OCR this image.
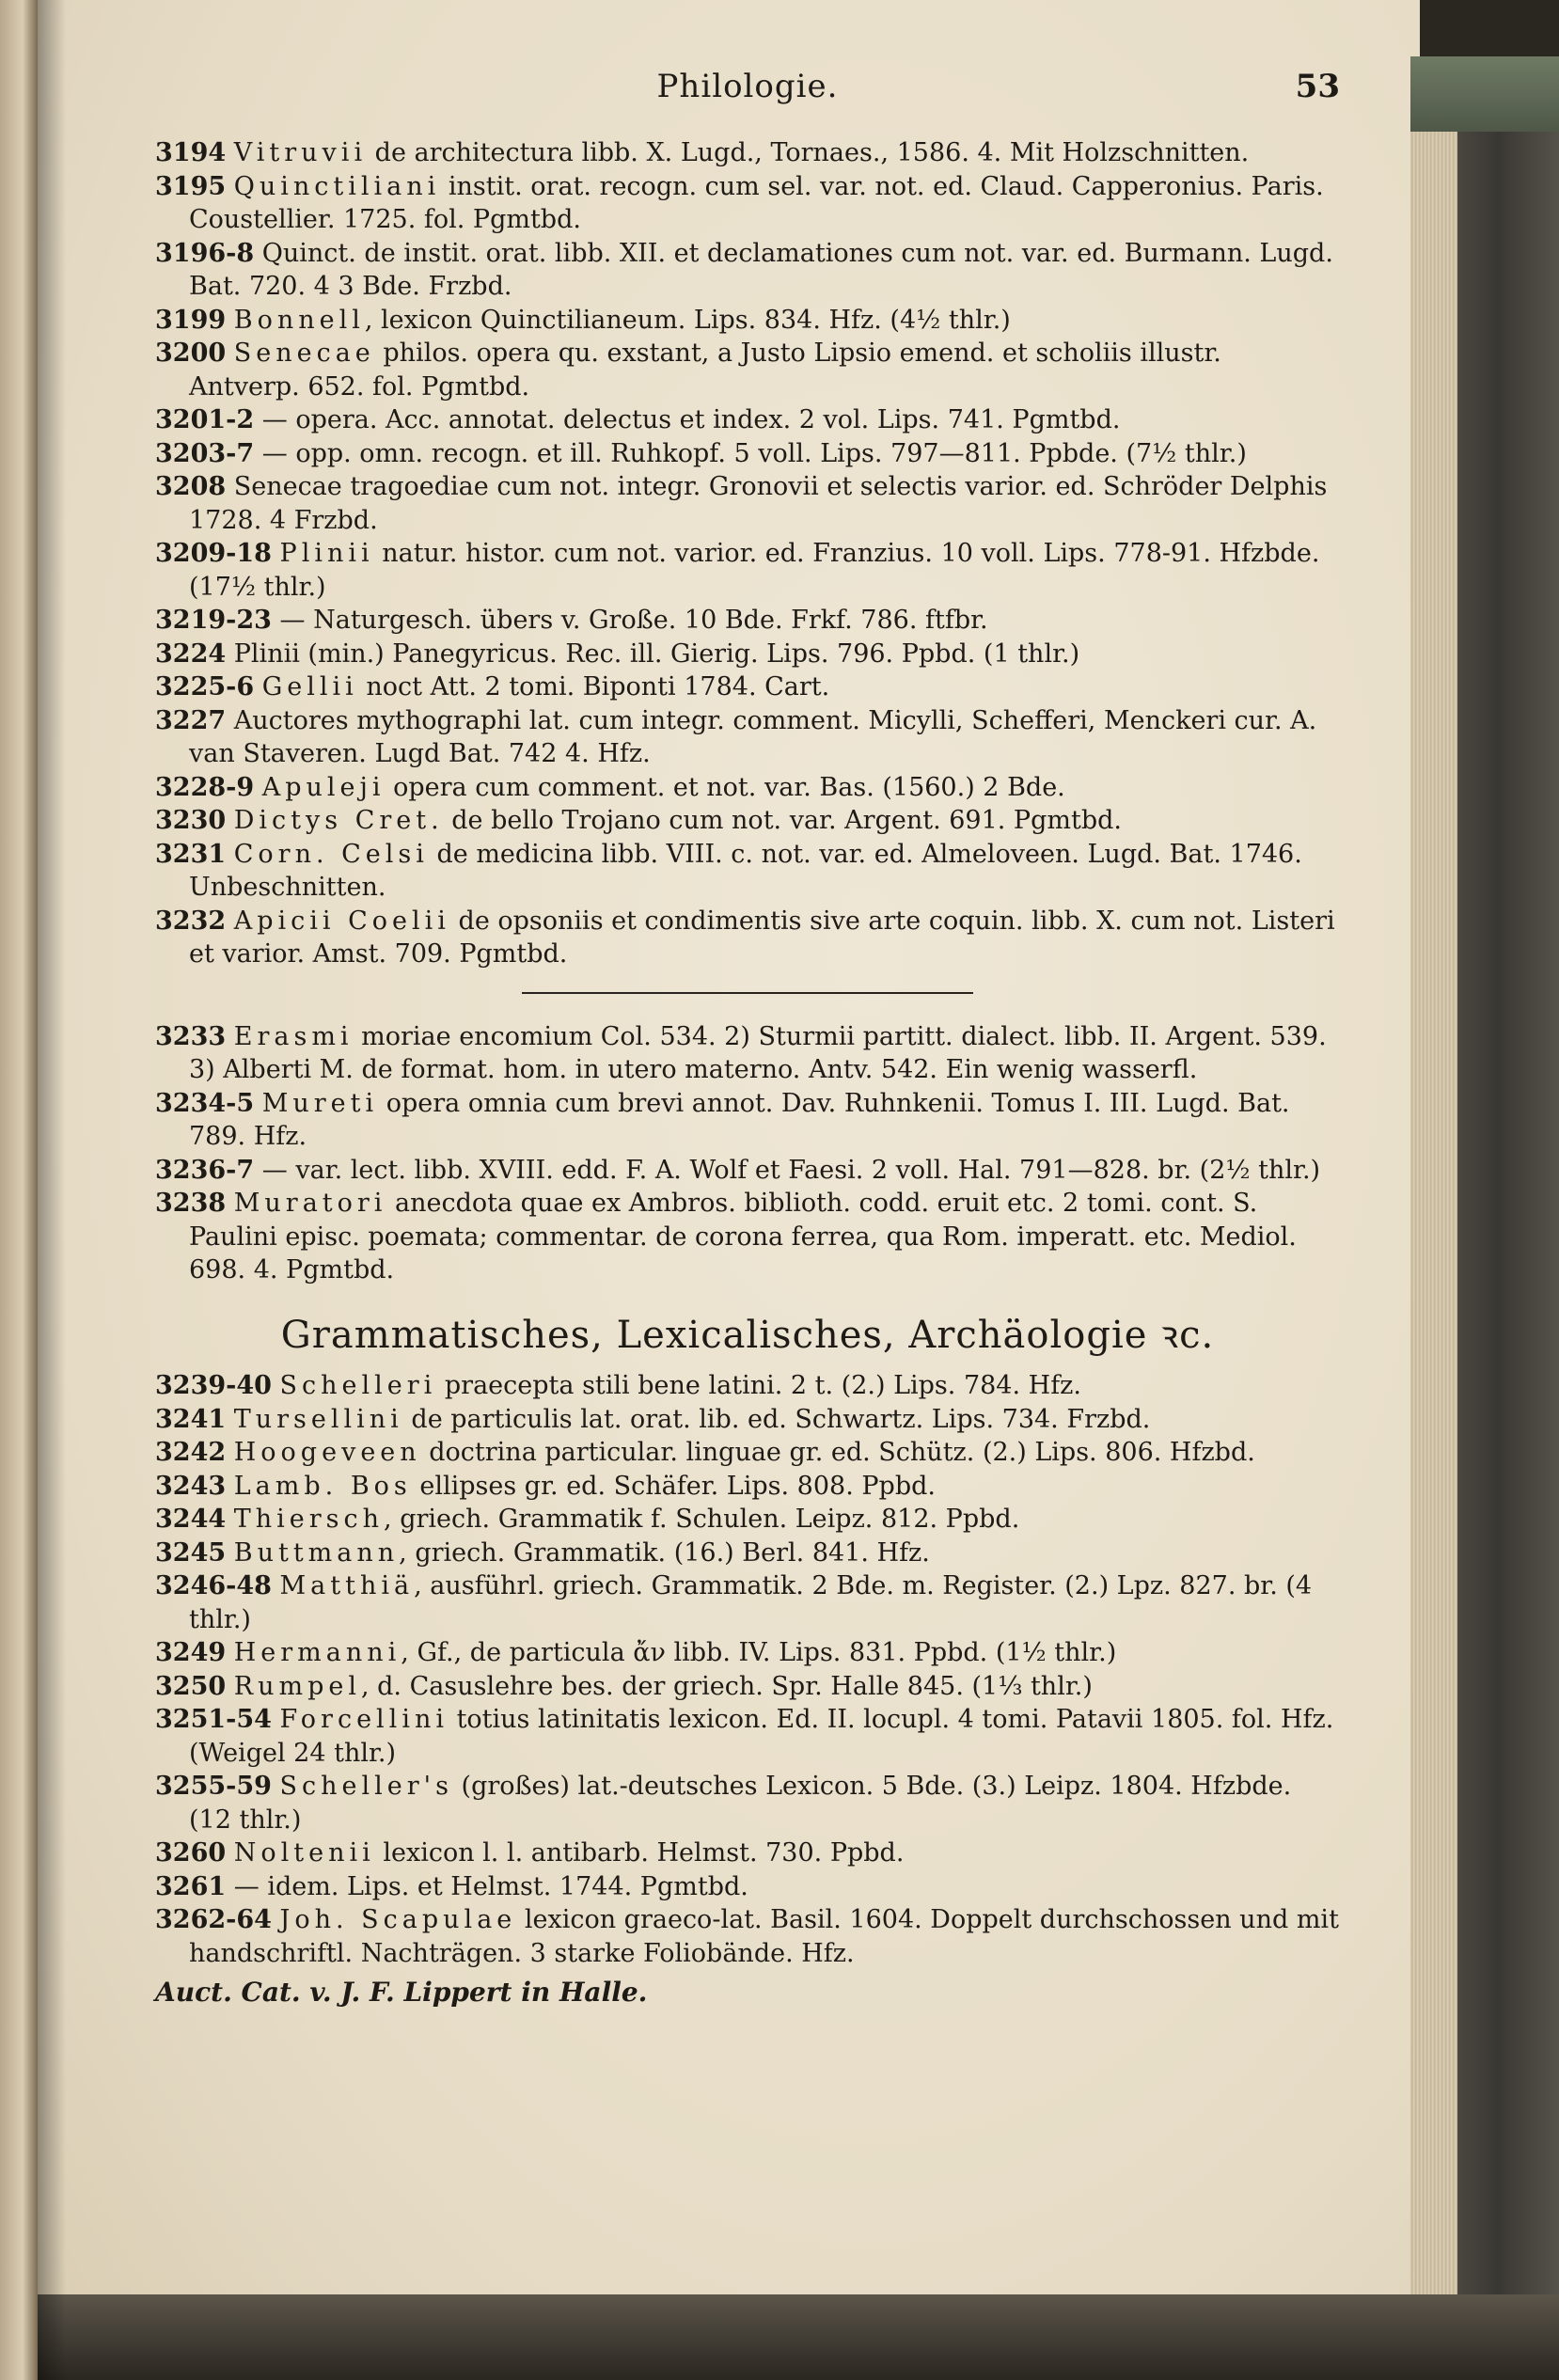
Philologie.	53

3194 Vitruvii de architectura libb. X. Lugd., Tornaes., 1586. 4. Mit Holzschnitten.

3195 Quinctiliani instit. orat. recogn. cum sel. var. not. ed. Claud. Capperonius. Paris. Coustellier. 1725. fol. Pgmtbd.

3196-8 Quinct. de instit. orat. libb. XII. et declamationes cum not. var. ed. Burmann. Lugd. Bat. 720. 4 3 Bde. Frzbd.

3199 Bonnell, lexicon Quinctilianeum. Lips. 834. Hfz. (4½ thlr.)

3200 Senecae philos. opera qu. exstant, a Justo Lipsio emend. et scholiis illustr. Antverp. 652. fol. Pgmtbd.

3201-2 — opera. Acc. annotat. delectus et index. 2 vol. Lips. 741. Pgmtbd.

3203-7 — opp. omn. recogn. et ill. Ruhkopf. 5 voll. Lips. 797—811. Ppbde. (7½ thlr.)

3208 Senecae tragoediae cum not. integr. Gronovii et selectis varior. ed. Schröder Delphis 1728. 4 Frzbd.

3209-18 Plinii natur. histor. cum not. varior. ed. Franzius. 10 voll. Lips. 778-91. Hfzbde. (17½ thlr.)

3219-23 — Naturgesch. übers v. Große. 10 Bde. Frkf. 786. ftfbr.

3224 Plinii (min.) Panegyricus. Rec. ill. Gierig. Lips. 796. Ppbd. (1 thlr.)

3225-6 Gellii noct Att. 2 tomi. Biponti 1784. Cart.

3227 Auctores mythographi lat. cum integr. comment. Micylli, Schefferi, Menckeri cur. A. van Staveren. Lugd Bat. 742 4. Hfz.

3228-9 Apuleji opera cum comment. et not. var. Bas. (1560.) 2 Bde.

3230 Dictys Cret. de bello Trojano cum not. var. Argent. 691. Pgmtbd.

3231 Corn. Celsi de medicina libb. VIII. c. not. var. ed. Almeloveen. Lugd. Bat. 1746. Unbeschnitten.

3232 Apicii Coelii de opsoniis et condimentis sive arte coquin. libb. X. cum not. Listeri et varior. Amst. 709. Pgmtbd.

3233 Erasmi moriae encomium Col. 534. 2) Sturmii partitt. dialect. libb. II. Argent. 539. 3) Alberti M. de format. hom. in utero materno. Antv. 542. Ein wenig wasserfl.

3234-5 Mureti opera omnia cum brevi annot. Dav. Ruhnkenii. Tomus I. III. Lugd. Bat. 789. Hfz.

3236-7 — var. lect. libb. XVIII. edd. F. A. Wolf et Faesi. 2 voll. Hal. 791—828. br. (2½ thlr.)

3238 Muratori anecdota quae ex Ambros. biblioth. codd. eruit etc. 2 tomi. cont. S. Paulini episc. poemata; commentar. de corona ferrea, qua Rom. imperatt. etc. Mediol. 698. 4. Pgmtbd.

Grammatisches, Lexicalisches, Archäologie ꝛc.

3239-40 Schelleri praecepta stili bene latini. 2 t. (2.) Lips. 784. Hfz.

3241 Tursellini de particulis lat. orat. lib. ed. Schwartz. Lips. 734. Frzbd.

3242 Hoogeveen doctrina particular. linguae gr. ed. Schütz. (2.) Lips. 806. Hfzbd.

3243 Lamb. Bos ellipses gr. ed. Schäfer. Lips. 808. Ppbd.

3244 Thiersch, griech. Grammatik f. Schulen. Leipz. 812. Ppbd.

3245 Buttmann, griech. Grammatik. (16.) Berl. 841. Hfz.

3246-48 Matthiä, ausführl. griech. Grammatik. 2 Bde. m. Register. (2.) Lpz. 827. br. (4 thlr.)

3249 Hermanni, Gf., de particula ἄν libb. IV. Lips. 831. Ppbd. (1½ thlr.)

3250 Rumpel, d. Casuslehre bes. der griech. Spr. Halle 845. (1⅓ thlr.)

3251-54 Forcellini totius latinitatis lexicon. Ed. II. locupl. 4 tomi. Patavii 1805. fol. Hfz. (Weigel 24 thlr.)

3255-59 Scheller's (großes) lat.-deutsches Lexicon. 5 Bde. (3.) Leipz. 1804. Hfzbde. (12 thlr.)

3260 Noltenii lexicon l. l. antibarb. Helmst. 730. Ppbd.

3261 — idem. Lips. et Helmst. 1744. Pgmtbd.

3262-64 Joh. Scapulae lexicon graeco-lat. Basil. 1604. Doppelt durchschossen und mit handschriftl. Nachträgen. 3 starke Foliobände. Hfz.

Auct. Cat. v. J. F. Lippert in Halle.
